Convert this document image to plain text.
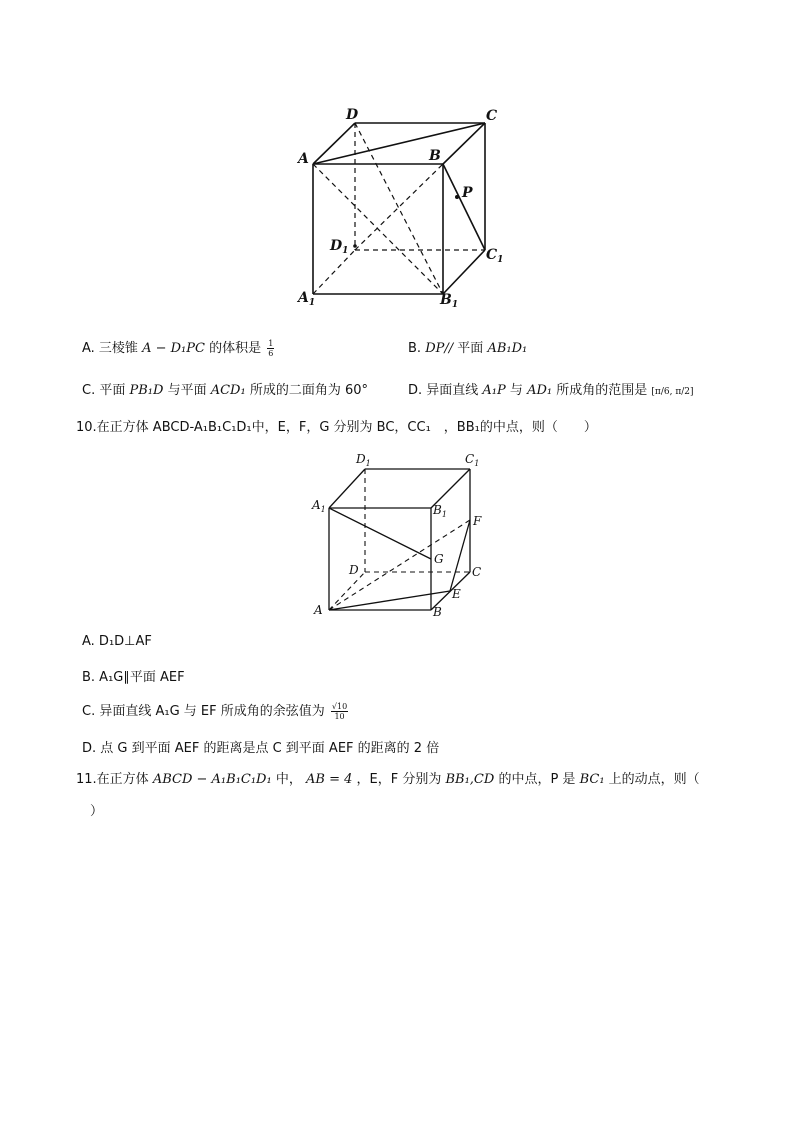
D	C
A	B
P
$D_1$	$C_1$
$A_1$	$B_1$
A. 三棱锥 A − D₁PC 的体积是 $\frac{1}{6}$	B. DP// 平面 AB₁D₁
C. 平面 PB₁D 与平面 ACD₁ 所成的二面角为 60°	D. 异面直线 A₁P 与 AD₁ 所成角的范围是 [π/6, π/2]
10.在正方体 ABCD-A₁B₁C₁D₁中，E，F，G 分别为 BC，CC₁　，BB₁的中点，则（　　）
$D_1$	$C_1$
$A_1$	$B_1$ F
G
D	C
E
A	B
A. D₁D⊥AF
B. A₁G∥平面 AEF
C. 异面直线 A₁G 与 EF 所成角的余弦值为 $\frac{√10}{10}$
D. 点 G 到平面 AEF 的距离是点 C 到平面 AEF 的距离的 2 倍
11.在正方体 ABCD − A₁B₁C₁D₁ 中， AB = 4 ，E，F 分别为 BB₁,CD 的中点，P 是 BC₁ 上的动点，则（
）
